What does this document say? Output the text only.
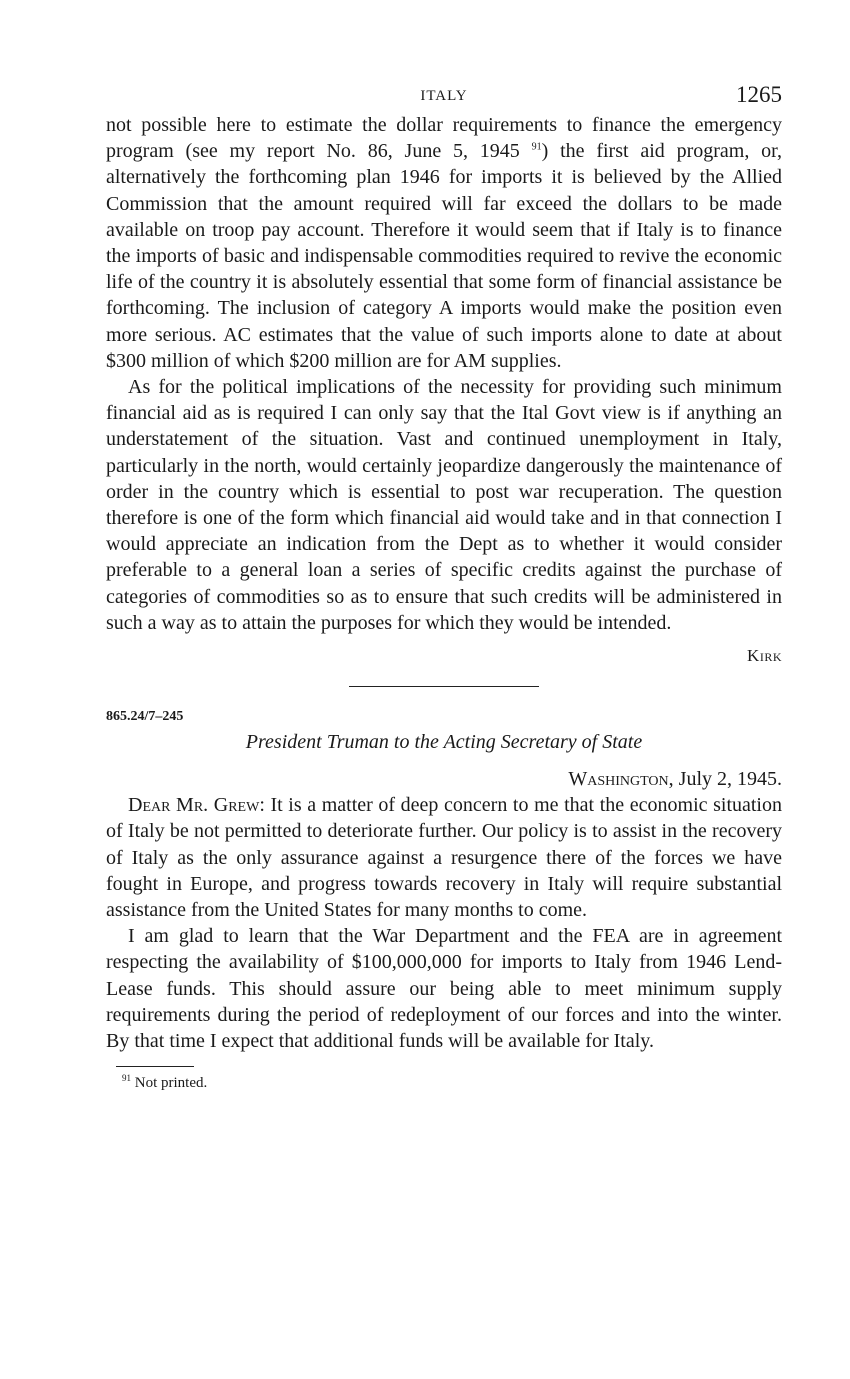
ITALY	1265

not possible here to estimate the dollar requirements to finance the emergency program (see my report No. 86, June 5, 1945 $^{91}$) the first aid program, or, alternatively the forthcoming plan 1946 for imports it is believed by the Allied Commission that the amount required will far exceed the dollars to be made available on troop pay account. Therefore it would seem that if Italy is to finance the imports of basic and indispensable commodities required to revive the economic life of the country it is absolutely essential that some form of financial assistance be forthcoming. The inclusion of category A imports would make the position even more serious. AC estimates that the value of such imports alone to date at about $300 million of which $200 million are for AM supplies.

As for the political implications of the necessity for providing such minimum financial aid as is required I can only say that the Ital Govt view is if anything an understatement of the situation. Vast and continued unemployment in Italy, particularly in the north, would certainly jeopardize dangerously the maintenance of order in the country which is essential to post war recuperation. The question therefore is one of the form which financial aid would take and in that connection I would appreciate an indication from the Dept as to whether it would consider preferable to a general loan a series of specific credits against the purchase of categories of commodities so as to ensure that such credits will be administered in such a way as to attain the purposes for which they would be intended.

Kirk
865.24/7–245
President Truman to the Acting Secretary of State
Washington, July 2, 1945.

Dear Mr. Grew: It is a matter of deep concern to me that the economic situation of Italy be not permitted to deteriorate further. Our policy is to assist in the recovery of Italy as the only assurance against a resurgence there of the forces we have fought in Europe, and progress towards recovery in Italy will require substantial assistance from the United States for many months to come.

I am glad to learn that the War Department and the FEA are in agreement respecting the availability of $100,000,000 for imports to Italy from 1946 Lend-Lease funds. This should assure our being able to meet minimum supply requirements during the period of redeployment of our forces and into the winter. By that time I expect that additional funds will be available for Italy.

$^{91}$ Not printed.
